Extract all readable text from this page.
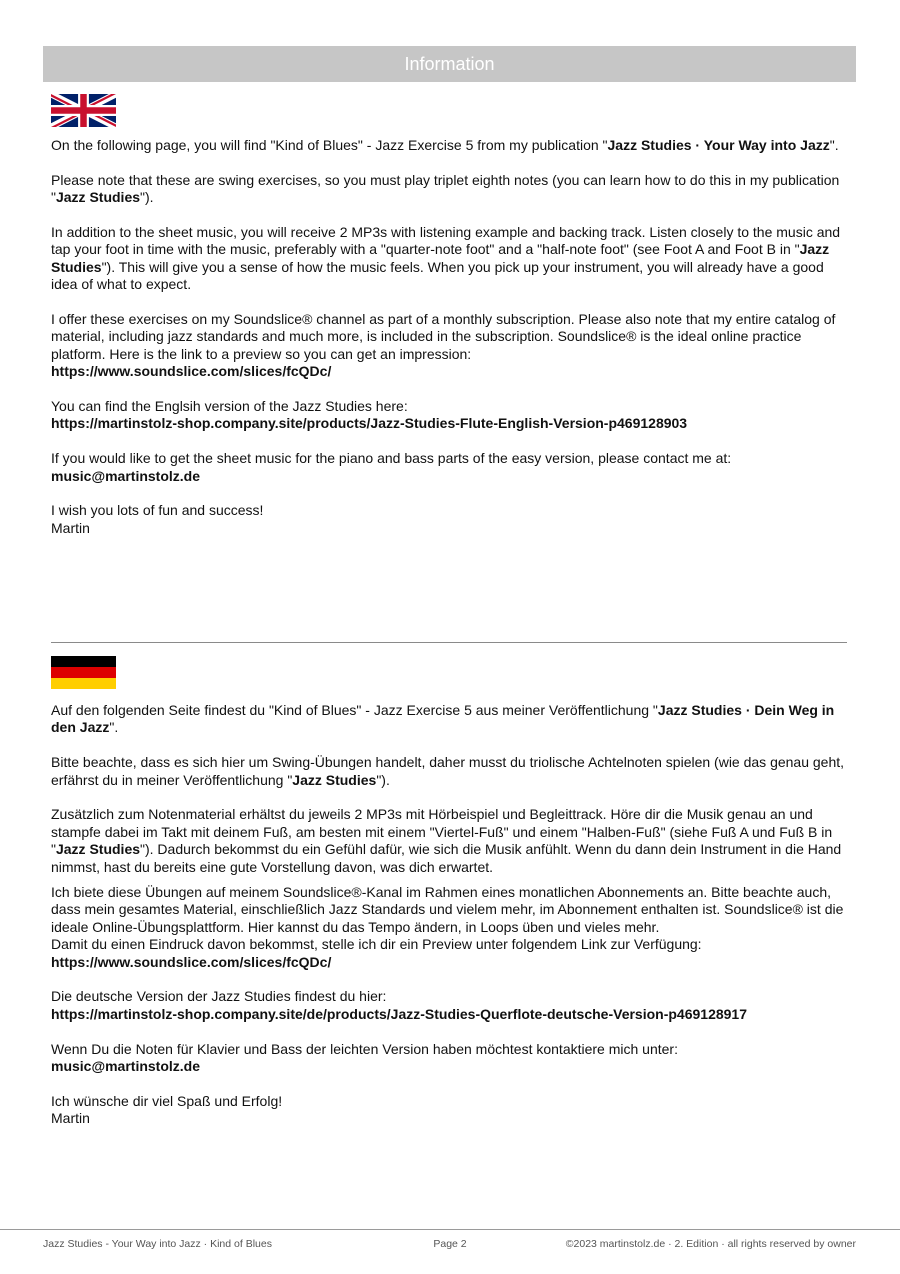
Information

On the following page, you will find "Kind of Blues" - Jazz Exercise 5 from my publication "Jazz Studies · Your Way into Jazz".

Please note that these are swing exercises, so you must play triplet eighth notes (you can learn how to do this in my publication "Jazz Studies").

In addition to the sheet music, you will receive 2 MP3s with listening example and backing track. Listen closely to the music and tap your foot in time with the music, preferably with a "quarter-note foot" and a "half-note foot" (see Foot A and Foot B in "Jazz Studies"). This will give you a sense of how the music feels. When you pick up your instrument, you will already have a good idea of what to expect.

I offer these exercises on my Soundslice® channel as part of a monthly subscription. Please also note that my entire catalog of material, including jazz standards and much more, is included in the subscription. Soundslice® is the ideal online practice platform. Here is the link to a preview so you can get an impression:
https://www.soundslice.com/slices/fcQDc/

You can find the Englsih version of the Jazz Studies here:
https://martinstolz-shop.company.site/products/Jazz-Studies-Flute-English-Version-p469128903

If you would like to get the sheet music for the piano and bass parts of the easy version, please contact me at:
music@martinstolz.de

I wish you lots of fun and success!
Martin

Auf den folgenden Seite findest du "Kind of Blues" - Jazz Exercise 5 aus meiner Veröffentlichung "Jazz Studies · Dein Weg in den Jazz".

Bitte beachte, dass es sich hier um Swing-Übungen handelt, daher musst du triolische Achtelnoten spielen (wie das genau geht, erfährst du in meiner Veröffentlichung "Jazz Studies").

Zusätzlich zum Notenmaterial erhältst du jeweils 2 MP3s mit Hörbeispiel und Begleittrack. Höre dir die Musik genau an und stampfe dabei im Takt mit deinem Fuß, am besten mit einem "Viertel-Fuß" und einem "Halben-Fuß" (siehe Fuß A und Fuß B in "Jazz Studies"). Dadurch bekommst du ein Gefühl dafür, wie sich die Musik anfühlt. Wenn du dann dein Instrument in die Hand nimmst, hast du bereits eine gute Vorstellung davon, was dich erwartet.

Ich biete diese Übungen auf meinem Soundslice®-Kanal im Rahmen eines monatlichen Abonnements an. Bitte beachte auch, dass mein gesamtes Material, einschließlich Jazz Standards und vielem mehr, im Abonnement enthalten ist. Soundslice® ist die ideale Online-Übungsplattform. Hier kannst du das Tempo ändern, in Loops üben und vieles mehr.
Damit du einen Eindruck davon bekommst, stelle ich dir ein Preview unter folgendem Link zur Verfügung:
https://www.soundslice.com/slices/fcQDc/

Die deutsche Version der Jazz Studies findest du hier:
https://martinstolz-shop.company.site/de/products/Jazz-Studies-Querflote-deutsche-Version-p469128917

Wenn Du die Noten für Klavier und Bass der leichten Version haben möchtest kontaktiere mich unter:
music@martinstolz.de

Ich wünsche dir viel Spaß und Erfolg!
Martin

Jazz Studies - Your Way into Jazz · Kind of Blues	Page 2	©2023 martinstolz.de · 2. Edition · all rights reserved by owner
